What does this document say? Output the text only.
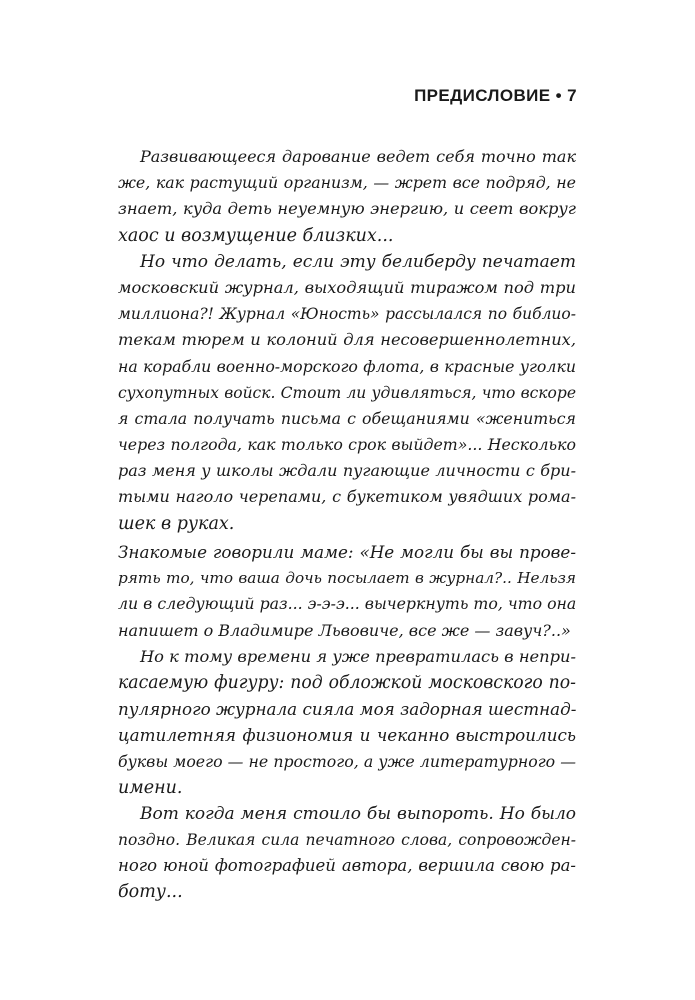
ПРЕДИСЛОВИЕ • 7
Развивающееся дарование ведет себя точно так
же, как растущий организм, — жрет все подряд, не
знает, куда деть неуемную энергию, и сеет вокруг
хаос и возмущение близких...
Но что делать, если эту белиберду печатает
московский журнал, выходящий тиражом под три
миллиона?! Журнал «Юность» рассылался по библио-
текам тюрем и колоний для несовершеннолетних,
на корабли военно-морского флота, в красные уголки
сухопутных войск. Стоит ли удивляться, что вскоре
я стала получать письма с обещаниями «жениться
через полгода, как только срок выйдет»... Несколько
раз меня у школы ждали пугающие личности с бри-
тыми наголо черепами, с букетиком увядших рома-
шек в руках.
Знакомые говорили маме: «Не могли бы вы прове-
рять то, что ваша дочь посылает в журнал?.. Нельзя
ли в следующий раз... э-э-э... вычеркнуть то, что она
напишет о Владимире Львовиче, все же — завуч?..»
Но к тому времени я уже превратилась в непри-
касаемую фигуру: под обложкой московского по-
пулярного журнала сияла моя задорная шестнад-
цатилетняя физиономия и чеканно выстроились
буквы моего — не простого, а уже литературного —
имени.
Вот когда меня стоило бы выпороть. Но было
поздно. Великая сила печатного слова, сопровожден-
ного юной фотографией автора, вершила свою ра-
боту...
